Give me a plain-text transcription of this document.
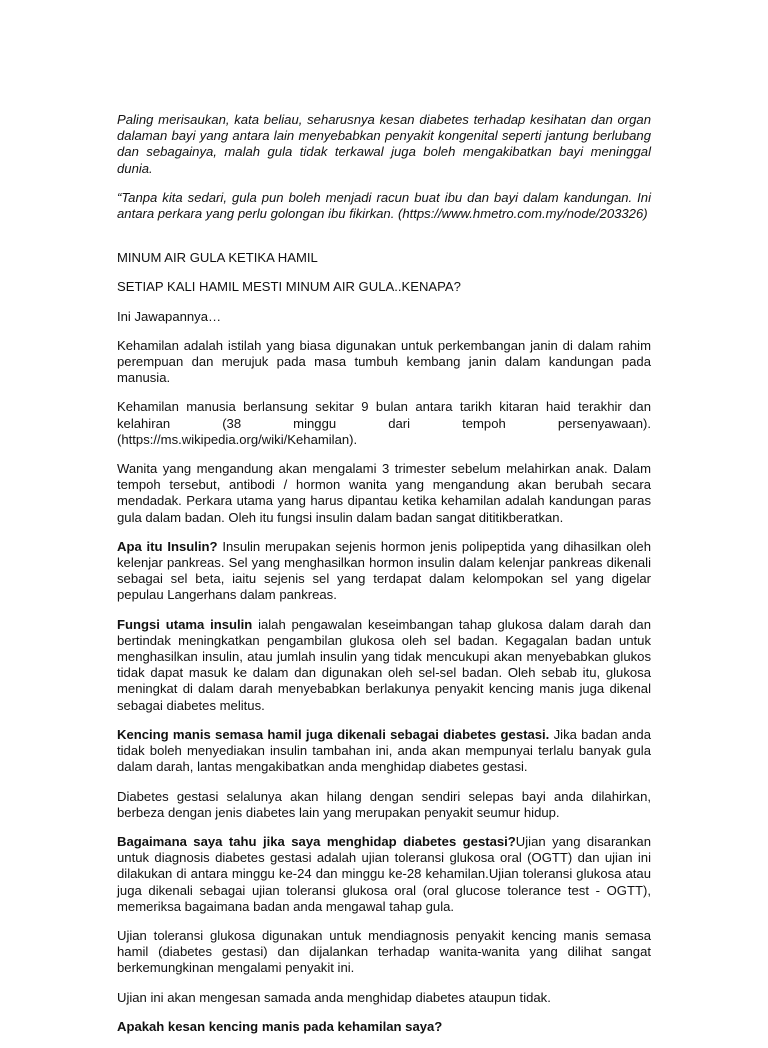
Paling merisaukan, kata beliau, seharusnya kesan diabetes terhadap kesihatan dan organ dalaman bayi yang antara lain menyebabkan penyakit kongenital seperti jantung berlubang dan sebagainya, malah gula tidak terkawal juga boleh mengakibatkan bayi meninggal dunia.

“Tanpa kita sedari, gula pun boleh menjadi racun buat ibu dan bayi dalam kandungan. Ini antara perkara yang perlu golongan ibu fikirkan. (https://www.hmetro.com.my/node/203326)

MINUM AIR GULA KETIKA HAMIL

SETIAP KALI HAMIL MESTI MINUM AIR GULA..KENAPA?

Ini Jawapannya…

Kehamilan adalah istilah yang biasa digunakan untuk perkembangan janin di dalam rahim perempuan dan merujuk pada masa tumbuh kembang janin dalam kandungan pada manusia.

Kehamilan manusia berlansung sekitar 9 bulan antara tarikh kitaran haid terakhir dan kelahiran (38 minggu dari tempoh persenyawaan). (https://ms.wikipedia.org/wiki/Kehamilan).

Wanita yang mengandung akan mengalami 3 trimester sebelum melahirkan anak. Dalam tempoh tersebut, antibodi / hormon wanita yang mengandung akan berubah secara mendadak. Perkara utama yang harus dipantau ketika kehamilan adalah kandungan paras gula dalam badan. Oleh itu fungsi insulin dalam badan sangat dititikberatkan.

Apa itu Insulin? Insulin merupakan sejenis hormon jenis polipeptida yang dihasilkan oleh kelenjar pankreas. Sel yang menghasilkan hormon insulin dalam kelenjar pankreas dikenali sebagai sel beta, iaitu sejenis sel yang terdapat dalam kelompokan sel yang digelar pepulau Langerhans dalam pankreas.

Fungsi utama insulin ialah pengawalan keseimbangan tahap glukosa dalam darah dan bertindak meningkatkan pengambilan glukosa oleh sel badan. Kegagalan badan untuk menghasilkan insulin, atau jumlah insulin yang tidak mencukupi akan menyebabkan glukos tidak dapat masuk ke dalam dan digunakan oleh sel-sel badan. Oleh sebab itu, glukosa meningkat di dalam darah menyebabkan berlakunya penyakit kencing manis juga dikenal sebagai diabetes melitus.

Kencing manis semasa hamil juga dikenali sebagai diabetes gestasi. Jika badan anda tidak boleh menyediakan insulin tambahan ini, anda akan mempunyai terlalu banyak gula dalam darah, lantas mengakibatkan anda menghidap diabetes gestasi.

Diabetes gestasi selalunya akan hilang dengan sendiri selepas bayi anda dilahirkan, berbeza dengan jenis diabetes lain yang merupakan penyakit seumur hidup.

Bagaimana saya tahu jika saya menghidap diabetes gestasi?Ujian yang disarankan untuk diagnosis diabetes gestasi adalah ujian toleransi glukosa oral (OGTT) dan ujian ini dilakukan di antara minggu ke-24 dan minggu ke-28 kehamilan.Ujian toleransi glukosa atau juga dikenali sebagai ujian toleransi glukosa oral (oral glucose tolerance test - OGTT), memeriksa bagaimana badan anda mengawal tahap gula.

Ujian toleransi glukosa digunakan untuk mendiagnosis penyakit kencing manis semasa hamil (diabetes gestasi) dan dijalankan terhadap wanita-wanita yang dilihat sangat berkemungkinan mengalami penyakit ini.

Ujian ini akan mengesan samada anda menghidap diabetes ataupun tidak.

Apakah kesan kencing manis pada kehamilan saya?
